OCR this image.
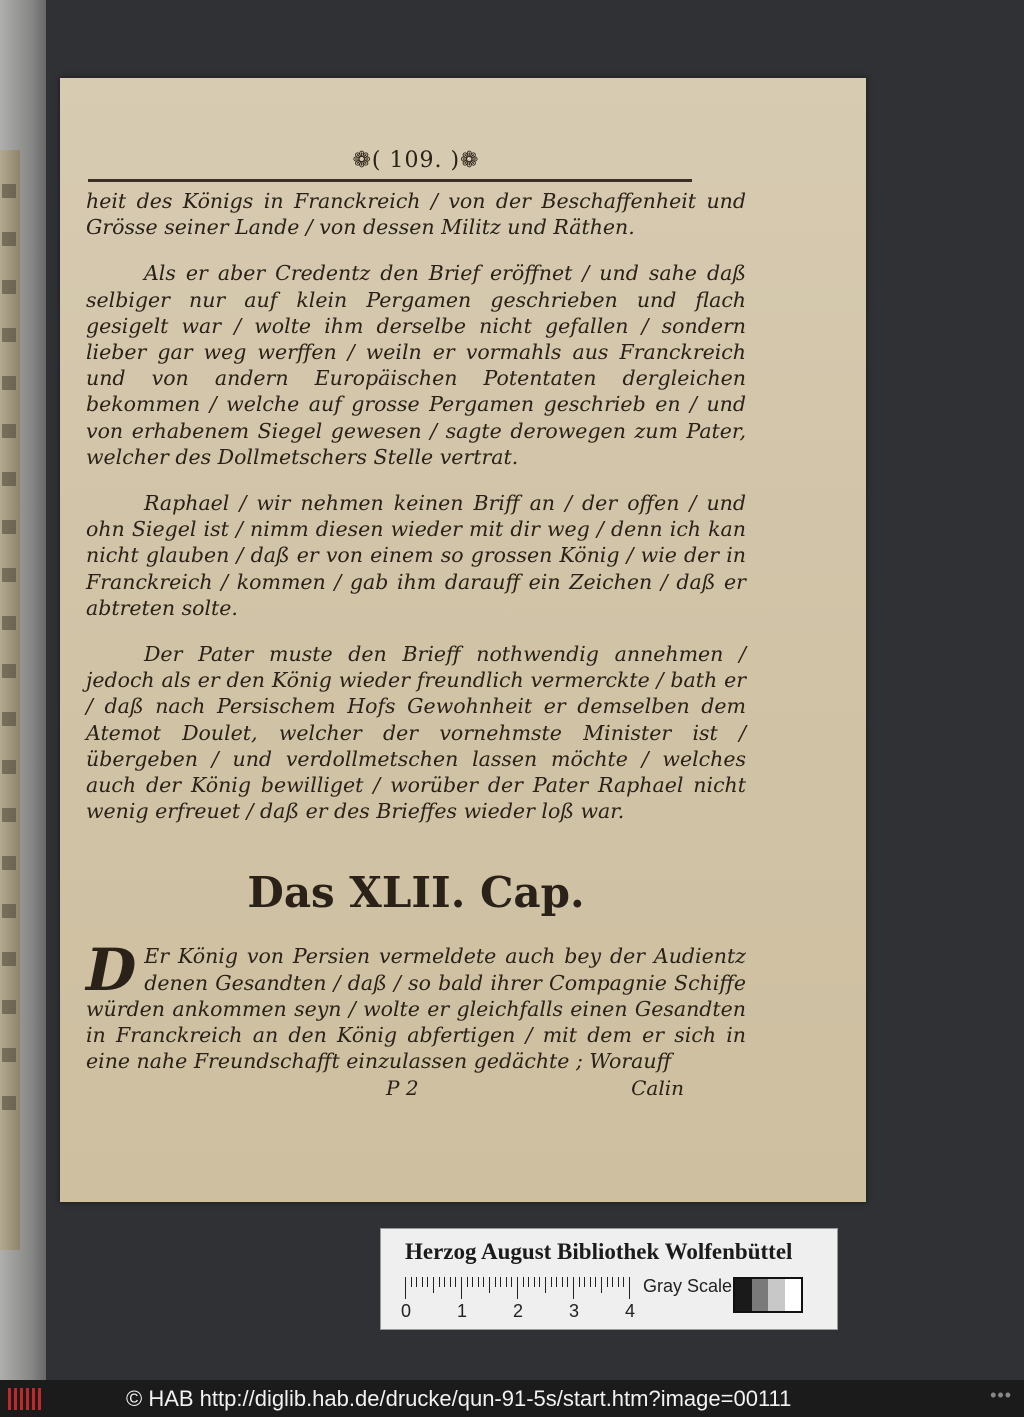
❁( 109. )❁

heit des Königs in Franckreich / von der Beschaffenheit und Grösse seiner Lande / von dessen Militz und Räthen.

Als er aber Credentz den Brief eröffnet / und sahe daß selbiger nur auf klein Pergamen geschrieben und flach gesigelt war / wolte ihm derselbe nicht gefallen / sondern lieber gar weg werffen / weiln er vormahls aus Franckreich und von andern Europäischen Potentaten dergleichen bekommen / welche auf grosse Pergamen geschrieb en / und von erhabenem Siegel gewesen / sagte derowegen zum Pater, welcher des Dollmetschers Stelle vertrat.

Raphael / wir nehmen keinen Briff an / der offen / und ohn Siegel ist / nimm diesen wieder mit dir weg / denn ich kan nicht glauben / daß er von einem so grossen König / wie der in Franckreich / kommen / gab ihm darauff ein Zeichen / daß er abtreten solte.

Der Pater muste den Brieff nothwendig annehmen / jedoch als er den König wieder freundlich vermerckte / bath er / daß nach Persischem Hofs Gewohnheit er demselben dem Atemot Doulet, welcher der vornehmste Minister ist / übergeben / und verdollmetschen lassen möchte / welches auch der König bewilliget / worüber der Pater Raphael nicht wenig erfreuet / daß er des Brieffes wieder loß war.

Das XLII. Cap.

D Er König von Persien vermeldete auch bey der Audientz denen Gesandten / daß / so bald ihrer Compagnie Schiffe würden ankommen seyn / wolte er gleichfalls einen Gesandten in Franckreich an den König abfertigen / mit dem er sich in eine nahe Freundschafft einzulassen gedächte ; Worauff

P 2	Calin
Herzog August Bibliothek Wolfenbüttel
0	1	2	3	4
Gray Scale
© HAB http://diglib.hab.de/drucke/qun-91-5s/start.htm?image=00111	•••
